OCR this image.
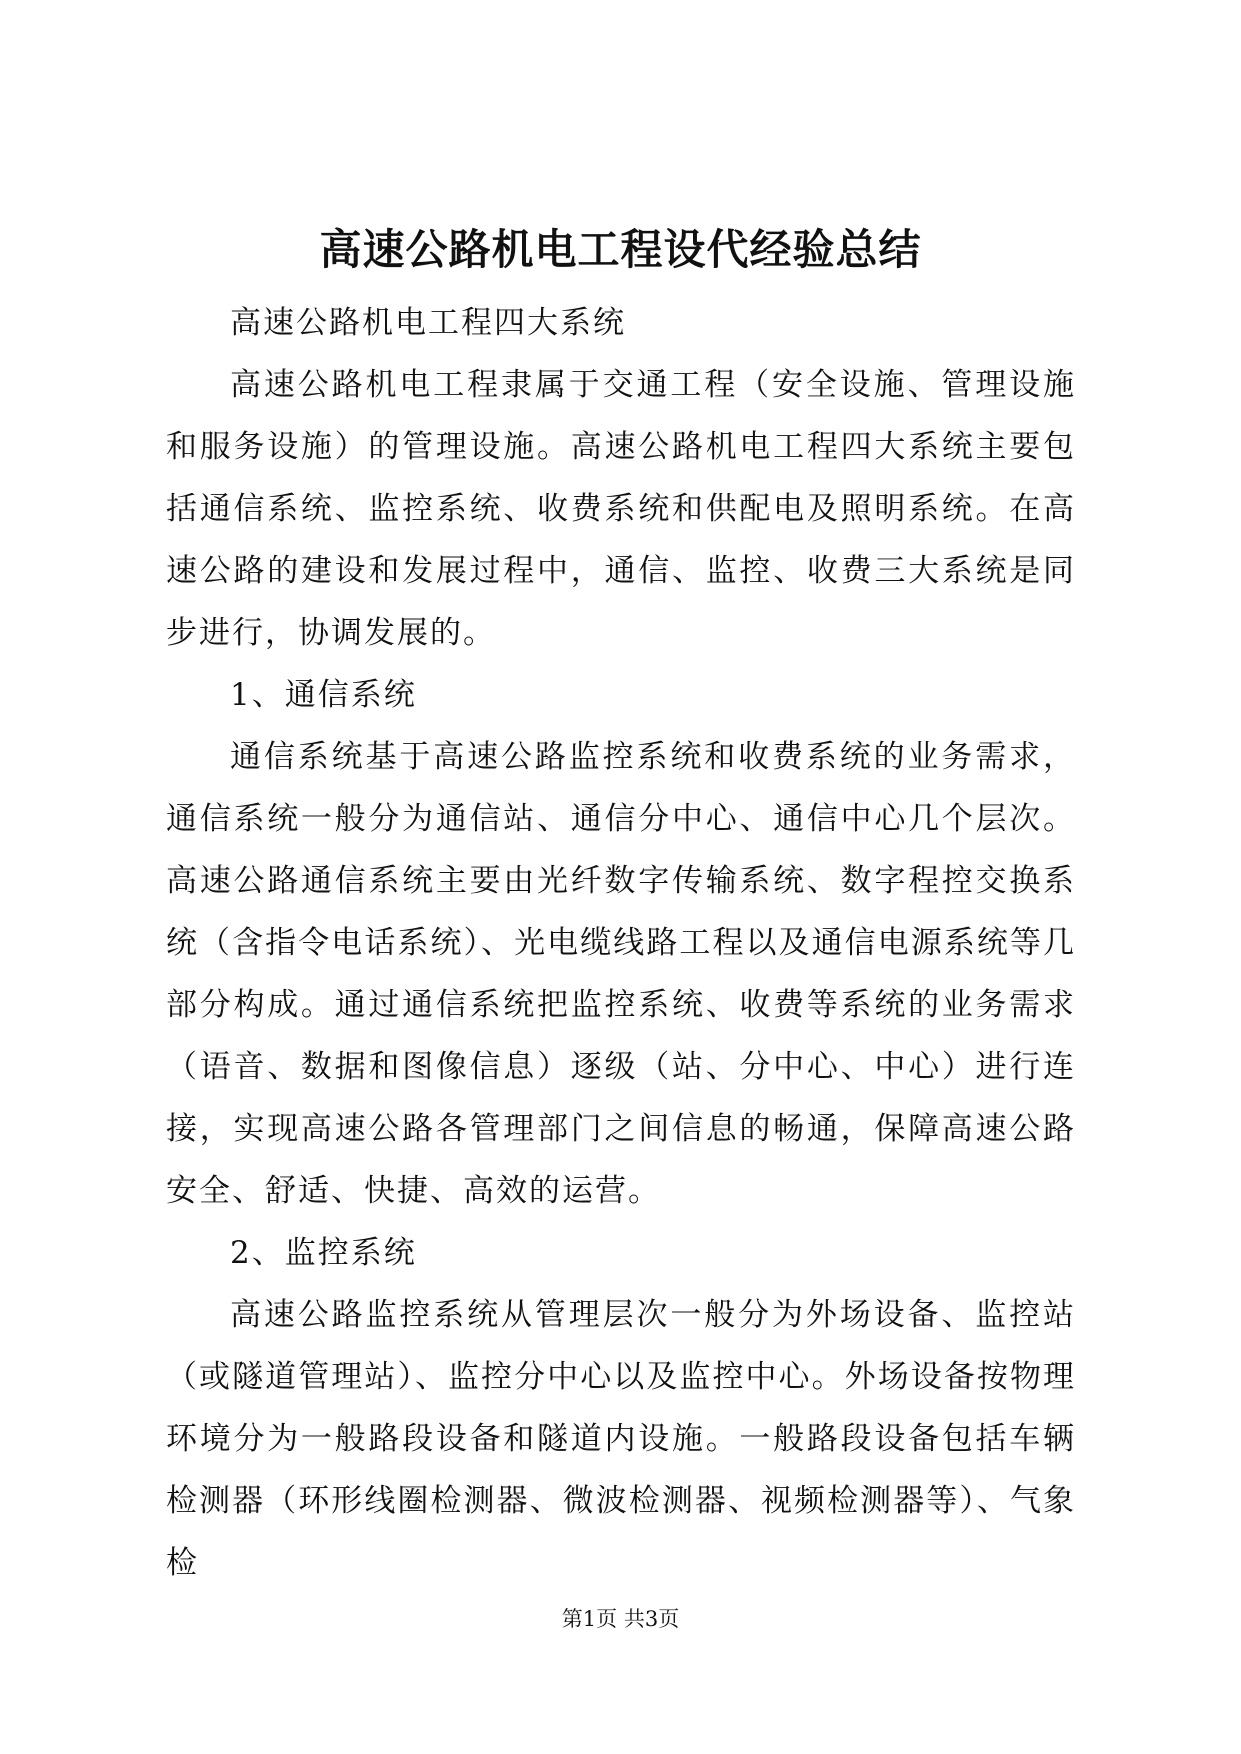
高速公路机电工程设代经验总结

高速公路机电工程四大系统

高速公路机电工程隶属于交通工程（安全设施、管理设施和服务设施）的管理设施。高速公路机电工程四大系统主要包括通信系统、监控系统、收费系统和供配电及照明系统。在高速公路的建设和发展过程中，通信、监控、收费三大系统是同步进行，协调发展的。

1、通信系统

通信系统基于高速公路监控系统和收费系统的业务需求，通信系统一般分为通信站、通信分中心、通信中心几个层次。高速公路通信系统主要由光纤数字传输系统、数字程控交换系统（含指令电话系统）、光电缆线路工程以及通信电源系统等几部分构成。通过通信系统把监控系统、收费等系统的业务需求（语音、数据和图像信息）逐级（站、分中心、中心）进行连接，实现高速公路各管理部门之间信息的畅通，保障高速公路安全、舒适、快捷、高效的运营。

2、监控系统

高速公路监控系统从管理层次一般分为外场设备、监控站（或隧道管理站）、监控分中心以及监控中心。外场设备按物理环境分为一般路段设备和隧道内设施。一般路段设备包括车辆检测器（环形线圈检测器、微波检测器、视频检测器等）、气象检

第1页 共3页
